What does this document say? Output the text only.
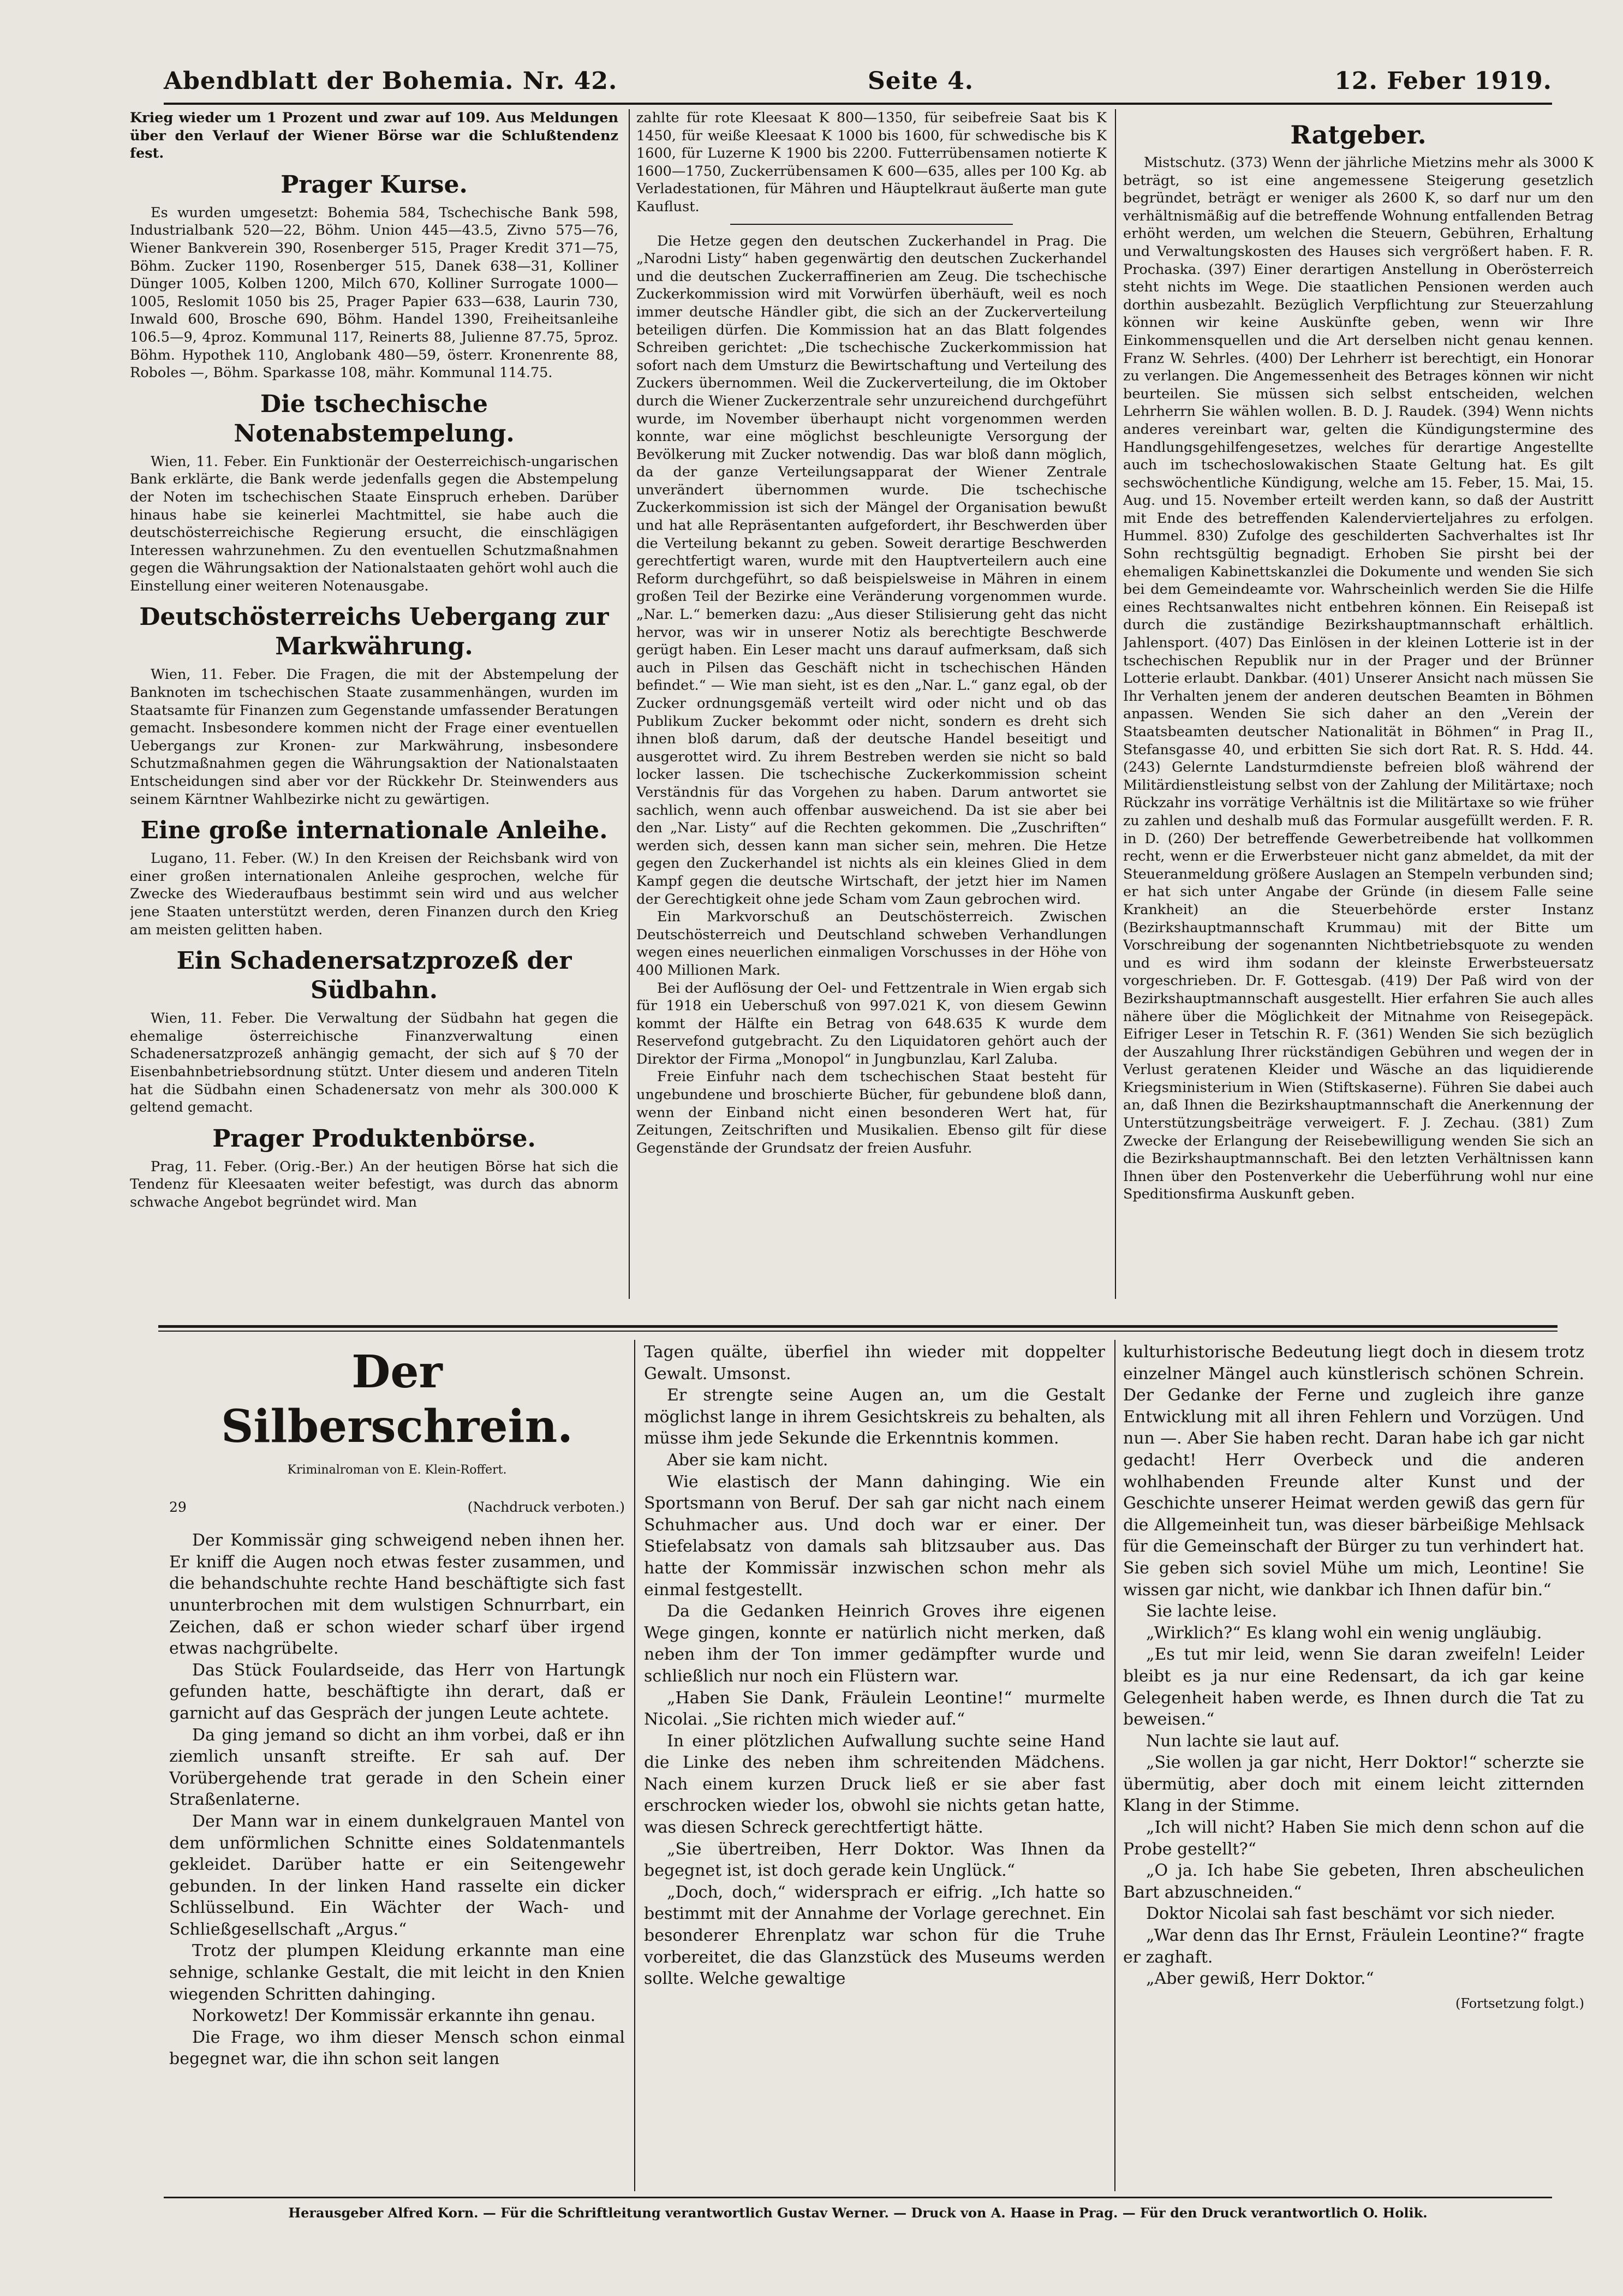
Abendblatt der Bohemia. Nr. 42.	Seite 4.	12. Feber 1919.

Krieg wieder um 1 Prozent und zwar auf 109. Aus Meldungen über den Verlauf der Wiener Börse war die Schlußtendenz fest.

Prager Kurse.

Es wurden umgesetzt: Bohemia 584, Tschechische Bank 598, Industrialbank 520—22, Böhm. Union 445—43.5, Zivno 575—76, Wiener Bankverein 390, Rosenberger 515, Prager Kredit 371—75, Böhm. Zucker 1190, Rosenberger 515, Danek 638—31, Kolliner Dünger 1005, Kolben 1200, Milch 670, Kolliner Surrogate 1000—1005, Reslomit 1050 bis 25, Prager Papier 633—638, Laurin 730, Inwald 600, Brosche 690, Böhm. Handel 1390, Freiheitsanleihe 106.5—9, 4proz. Kommunal 117, Reinerts 88, Julienne 87.75, 5proz. Böhm. Hypothek 110, Anglobank 480—59, österr. Kronenrente 88, Roboles —, Böhm. Sparkasse 108, mähr. Kommunal 114.75.

Die tschechische Notenabstempelung.

Wien, 11. Feber. Ein Funktionär der Oesterreichisch-ungarischen Bank erklärte, die Bank werde jedenfalls gegen die Abstempelung der Noten im tschechischen Staate Einspruch erheben. Darüber hinaus habe sie keinerlei Machtmittel, sie habe auch die deutschösterreichische Regierung ersucht, die einschlägigen Interessen wahrzunehmen. Zu den eventuellen Schutzmaßnahmen gegen die Währungsaktion der Nationalstaaten gehört wohl auch die Einstellung einer weiteren Notenausgabe.

Deutschösterreichs Uebergang zur Markwährung.

Wien, 11. Feber. Die Fragen, die mit der Abstempelung der Banknoten im tschechischen Staate zusammenhängen, wurden im Staatsamte für Finanzen zum Gegenstande umfassender Beratungen gemacht. Insbesondere kommen nicht der Frage einer eventuellen Uebergangs zur Kronen- zur Markwährung, insbesondere Schutzmaßnahmen gegen die Währungsaktion der Nationalstaaten Entscheidungen sind aber vor der Rückkehr Dr. Steinwenders aus seinem Kärntner Wahlbezirke nicht zu gewärtigen.

Eine große internationale Anleihe.

Lugano, 11. Feber. (W.) In den Kreisen der Reichsbank wird von einer großen internationalen Anleihe gesprochen, welche für Zwecke des Wiederaufbaus bestimmt sein wird und aus welcher jene Staaten unterstützt werden, deren Finanzen durch den Krieg am meisten gelitten haben.

Ein Schadenersatzprozeß der Südbahn.

Wien, 11. Feber. Die Verwaltung der Südbahn hat gegen die ehemalige österreichische Finanzverwaltung einen Schadenersatzprozeß anhängig gemacht, der sich auf § 70 der Eisenbahnbetriebsordnung stützt. Unter diesem und anderen Titeln hat die Südbahn einen Schadenersatz von mehr als 300.000 K geltend gemacht.

Prager Produktenbörse.

Prag, 11. Feber. (Orig.-Ber.) An der heutigen Börse hat sich die Tendenz für Kleesaaten weiter befestigt, was durch das abnorm schwache Angebot begründet wird. Man

zahlte für rote Kleesaat K 800—1350, für seibefreie Saat bis K 1450, für weiße Kleesaat K 1000 bis 1600, für schwedische bis K 1600, für Luzerne K 1900 bis 2200. Futterrübensamen notierte K 1600—1750, Zuckerrübensamen K 600—635, alles per 100 Kg. ab Verladestationen, für Mähren und Häuptelkraut äußerte man gute Kauflust.

Die Hetze gegen den deutschen Zuckerhandel in Prag. Die „Narodni Listy“ haben gegenwärtig den deutschen Zuckerhandel und die deutschen Zuckerraffinerien am Zeug. Die tschechische Zuckerkommission wird mit Vorwürfen überhäuft, weil es noch immer deutsche Händler gibt, die sich an der Zuckerverteilung beteiligen dürfen. Die Kommission hat an das Blatt folgendes Schreiben gerichtet: „Die tschechische Zuckerkommission hat sofort nach dem Umsturz die Bewirtschaftung und Verteilung des Zuckers übernommen. Weil die Zuckerverteilung, die im Oktober durch die Wiener Zuckerzentrale sehr unzureichend durchgeführt wurde, im November überhaupt nicht vorgenommen werden konnte, war eine möglichst beschleunigte Versorgung der Bevölkerung mit Zucker notwendig. Das war bloß dann möglich, da der ganze Verteilungsapparat der Wiener Zentrale unverändert übernommen wurde. Die tschechische Zuckerkommission ist sich der Mängel der Organisation bewußt und hat alle Repräsentanten aufgefordert, ihr Beschwerden über die Verteilung bekannt zu geben. Soweit derartige Beschwerden gerechtfertigt waren, wurde mit den Hauptverteilern auch eine Reform durchgeführt, so daß beispielsweise in Mähren in einem großen Teil der Bezirke eine Veränderung vorgenommen wurde. „Nar. L.“ bemerken dazu: „Aus dieser Stilisierung geht das nicht hervor, was wir in unserer Notiz als berechtigte Beschwerde gerügt haben. Ein Leser macht uns darauf aufmerksam, daß sich auch in Pilsen das Geschäft nicht in tschechischen Händen befindet.“ — Wie man sieht, ist es den „Nar. L.“ ganz egal, ob der Zucker ordnungsgemäß verteilt wird oder nicht und ob das Publikum Zucker bekommt oder nicht, sondern es dreht sich ihnen bloß darum, daß der deutsche Handel beseitigt und ausgerottet wird. Zu ihrem Bestreben werden sie nicht so bald locker lassen. Die tschechische Zuckerkommission scheint Verständnis für das Vorgehen zu haben. Darum antwortet sie sachlich, wenn auch offenbar ausweichend. Da ist sie aber bei den „Nar. Listy“ auf die Rechten gekommen. Die „Zuschriften“ werden sich, dessen kann man sicher sein, mehren. Die Hetze gegen den Zuckerhandel ist nichts als ein kleines Glied in dem Kampf gegen die deutsche Wirtschaft, der jetzt hier im Namen der Gerechtigkeit ohne jede Scham vom Zaun gebrochen wird.

Ein Markvorschuß an Deutschösterreich. Zwischen Deutschösterreich und Deutschland schweben Verhandlungen wegen eines neuerlichen einmaligen Vorschusses in der Höhe von 400 Millionen Mark.

Bei der Auflösung der Oel- und Fettzentrale in Wien ergab sich für 1918 ein Ueberschuß von 997.021 K, von diesem Gewinn kommt der Hälfte ein Betrag von 648.635 K wurde dem Reservefond gutgebracht. Zu den Liquidatoren gehört auch der Direktor der Firma „Monopol“ in Jungbunzlau, Karl Zaluba.

Freie Einfuhr nach dem tschechischen Staat besteht für ungebundene und broschierte Bücher, für gebundene bloß dann, wenn der Einband nicht einen besonderen Wert hat, für Zeitungen, Zeitschriften und Musikalien. Ebenso gilt für diese Gegenstände der Grundsatz der freien Ausfuhr.

Ratgeber.

Mistschutz. (373) Wenn der jährliche Mietzins mehr als 3000 K beträgt, so ist eine angemessene Steigerung gesetzlich begründet, beträgt er weniger als 2600 K, so darf nur um den verhältnismäßig auf die betreffende Wohnung entfallenden Betrag erhöht werden, um welchen die Steuern, Gebühren, Erhaltung und Verwaltungskosten des Hauses sich vergrößert haben. F. R. Prochaska. (397) Einer derartigen Anstellung in Oberösterreich steht nichts im Wege. Die staatlichen Pensionen werden auch dorthin ausbezahlt. Bezüglich Verpflichtung zur Steuerzahlung können wir keine Auskünfte geben, wenn wir Ihre Einkommensquellen und die Art derselben nicht genau kennen. Franz W. Sehrles. (400) Der Lehrherr ist berechtigt, ein Honorar zu verlangen. Die Angemessenheit des Betrages können wir nicht beurteilen. Sie müssen sich selbst entscheiden, welchen Lehrherrn Sie wählen wollen. B. D. J. Raudek. (394) Wenn nichts anderes vereinbart war, gelten die Kündigungstermine des Handlungsgehilfengesetzes, welches für derartige Angestellte auch im tschechoslowakischen Staate Geltung hat. Es gilt sechswöchentliche Kündigung, welche am 15. Feber, 15. Mai, 15. Aug. und 15. November erteilt werden kann, so daß der Austritt mit Ende des betreffenden Kalendervierteljahres zu erfolgen. Hummel. 830) Zufolge des geschilderten Sachverhaltes ist Ihr Sohn rechtsgültig begnadigt. Erhoben Sie pirsht bei der ehemaligen Kabinettskanzlei die Dokumente und wenden Sie sich bei dem Gemeindeamte vor. Wahrscheinlich werden Sie die Hilfe eines Rechtsanwaltes nicht entbehren können. Ein Reisepaß ist durch die zuständige Bezirkshauptmannschaft erhältlich. Jahlensport. (407) Das Einlösen in der kleinen Lotterie ist in der tschechischen Republik nur in der Prager und der Brünner Lotterie erlaubt. Dankbar. (401) Unserer Ansicht nach müssen Sie Ihr Verhalten jenem der anderen deutschen Beamten in Böhmen anpassen. Wenden Sie sich daher an den „Verein der Staatsbeamten deutscher Nationalität in Böhmen“ in Prag II., Stefansgasse 40, und erbitten Sie sich dort Rat. R. S. Hdd. 44. (243) Gelernte Landsturmdienste befreien bloß während der Militärdienstleistung selbst von der Zahlung der Militärtaxe; noch Rückzahr ins vorrätige Verhältnis ist die Militärtaxe so wie früher zu zahlen und deshalb muß das Formular ausgefüllt werden. F. R. in D. (260) Der betreffende Gewerbetreibende hat vollkommen recht, wenn er die Erwerbsteuer nicht ganz abmeldet, da mit der Steueranmeldung größere Auslagen an Stempeln verbunden sind; er hat sich unter Angabe der Gründe (in diesem Falle seine Krankheit) an die Steuerbehörde erster Instanz (Bezirkshauptmannschaft Krummau) mit der Bitte um Vorschreibung der sogenannten Nichtbetriebsquote zu wenden und es wird ihm sodann der kleinste Erwerbsteuersatz vorgeschrieben. Dr. F. Gottesgab. (419) Der Paß wird von der Bezirkshauptmannschaft ausgestellt. Hier erfahren Sie auch alles nähere über die Möglichkeit der Mitnahme von Reisegepäck. Eifriger Leser in Tetschin R. F. (361) Wenden Sie sich bezüglich der Auszahlung Ihrer rückständigen Gebühren und wegen der in Verlust geratenen Kleider und Wäsche an das liquidierende Kriegsministerium in Wien (Stiftskaserne). Führen Sie dabei auch an, daß Ihnen die Bezirkshauptmannschaft die Anerkennung der Unterstützungsbeiträge verweigert. F. J. Zechau. (381) Zum Zwecke der Erlangung der Reisebewilligung wenden Sie sich an die Bezirkshauptmannschaft. Bei den letzten Verhältnissen kann Ihnen über den Postenverkehr die Ueberführung wohl nur eine Speditionsfirma Auskunft geben.

Der Silberschrein.
Kriminalroman von E. Klein-Roffert.
29	(Nachdruck verboten.)

Der Kommissär ging schweigend neben ihnen her. Er kniff die Augen noch etwas fester zusammen, und die behandschuhte rechte Hand beschäftigte sich fast ununterbrochen mit dem wulstigen Schnurrbart, ein Zeichen, daß er schon wieder scharf über irgend etwas nachgrübelte.

Das Stück Foulardseide, das Herr von Hartungk gefunden hatte, beschäftigte ihn derart, daß er garnicht auf das Gespräch der jungen Leute achtete.

Da ging jemand so dicht an ihm vorbei, daß er ihn ziemlich unsanft streifte. Er sah auf. Der Vorübergehende trat gerade in den Schein einer Straßenlaterne.

Der Mann war in einem dunkelgrauen Mantel von dem unförmlichen Schnitte eines Soldatenmantels gekleidet. Darüber hatte er ein Seitengewehr gebunden. In der linken Hand rasselte ein dicker Schlüsselbund. Ein Wächter der Wach- und Schließgesellschaft „Argus.“

Trotz der plumpen Kleidung erkannte man eine sehnige, schlanke Gestalt, die mit leicht in den Knien wiegenden Schritten dahinging.

Norkowetz! Der Kommissär erkannte ihn genau.

Die Frage, wo ihm dieser Mensch schon einmal begegnet war, die ihn schon seit langen

Tagen quälte, überfiel ihn wieder mit doppelter Gewalt. Umsonst.

Er strengte seine Augen an, um die Gestalt möglichst lange in ihrem Gesichtskreis zu behalten, als müsse ihm jede Sekunde die Erkenntnis kommen.

Aber sie kam nicht.

Wie elastisch der Mann dahinging. Wie ein Sportsmann von Beruf. Der sah gar nicht nach einem Schuhmacher aus. Und doch war er einer. Der Stiefelabsatz von damals sah blitzsauber aus. Das hatte der Kommissär inzwischen schon mehr als einmal festgestellt.

Da die Gedanken Heinrich Groves ihre eigenen Wege gingen, konnte er natürlich nicht merken, daß neben ihm der Ton immer gedämpfter wurde und schließlich nur noch ein Flüstern war.

„Haben Sie Dank, Fräulein Leontine!“ murmelte Nicolai. „Sie richten mich wieder auf.“

In einer plötzlichen Aufwallung suchte seine Hand die Linke des neben ihm schreitenden Mädchens. Nach einem kurzen Druck ließ er sie aber fast erschrocken wieder los, obwohl sie nichts getan hatte, was diesen Schreck gerechtfertigt hätte.

„Sie übertreiben, Herr Doktor. Was Ihnen da begegnet ist, ist doch gerade kein Unglück.“

„Doch, doch,“ widersprach er eifrig. „Ich hatte so bestimmt mit der Annahme der Vorlage gerechnet. Ein besonderer Ehrenplatz war schon für die Truhe vorbereitet, die das Glanzstück des Museums werden sollte. Welche gewaltige

kulturhistorische Bedeutung liegt doch in diesem trotz einzelner Mängel auch künstlerisch schönen Schrein. Der Gedanke der Ferne und zugleich ihre ganze Entwicklung mit all ihren Fehlern und Vorzügen. Und nun —. Aber Sie haben recht. Daran habe ich gar nicht gedacht! Herr Overbeck und die anderen wohlhabenden Freunde alter Kunst und der Geschichte unserer Heimat werden gewiß das gern für die Allgemeinheit tun, was dieser bärbeißige Mehlsack für die Gemeinschaft der Bürger zu tun verhindert hat. Sie geben sich soviel Mühe um mich, Leontine! Sie wissen gar nicht, wie dankbar ich Ihnen dafür bin.“

Sie lachte leise.

„Wirklich?“ Es klang wohl ein wenig ungläubig.

„Es tut mir leid, wenn Sie daran zweifeln! Leider bleibt es ja nur eine Redensart, da ich gar keine Gelegenheit haben werde, es Ihnen durch die Tat zu beweisen.“

Nun lachte sie laut auf.

„Sie wollen ja gar nicht, Herr Doktor!“ scherzte sie übermütig, aber doch mit einem leicht zitternden Klang in der Stimme.

„Ich will nicht? Haben Sie mich denn schon auf die Probe gestellt?“

„O ja. Ich habe Sie gebeten, Ihren abscheulichen Bart abzuschneiden.“

Doktor Nicolai sah fast beschämt vor sich nieder.

„War denn das Ihr Ernst, Fräulein Leontine?“ fragte er zaghaft.

„Aber gewiß, Herr Doktor.“

(Fortsetzung folgt.)
Herausgeber Alfred Korn. — Für die Schriftleitung verantwortlich Gustav Werner. — Druck von A. Haase in Prag. — Für den Druck verantwortlich O. Holik.
